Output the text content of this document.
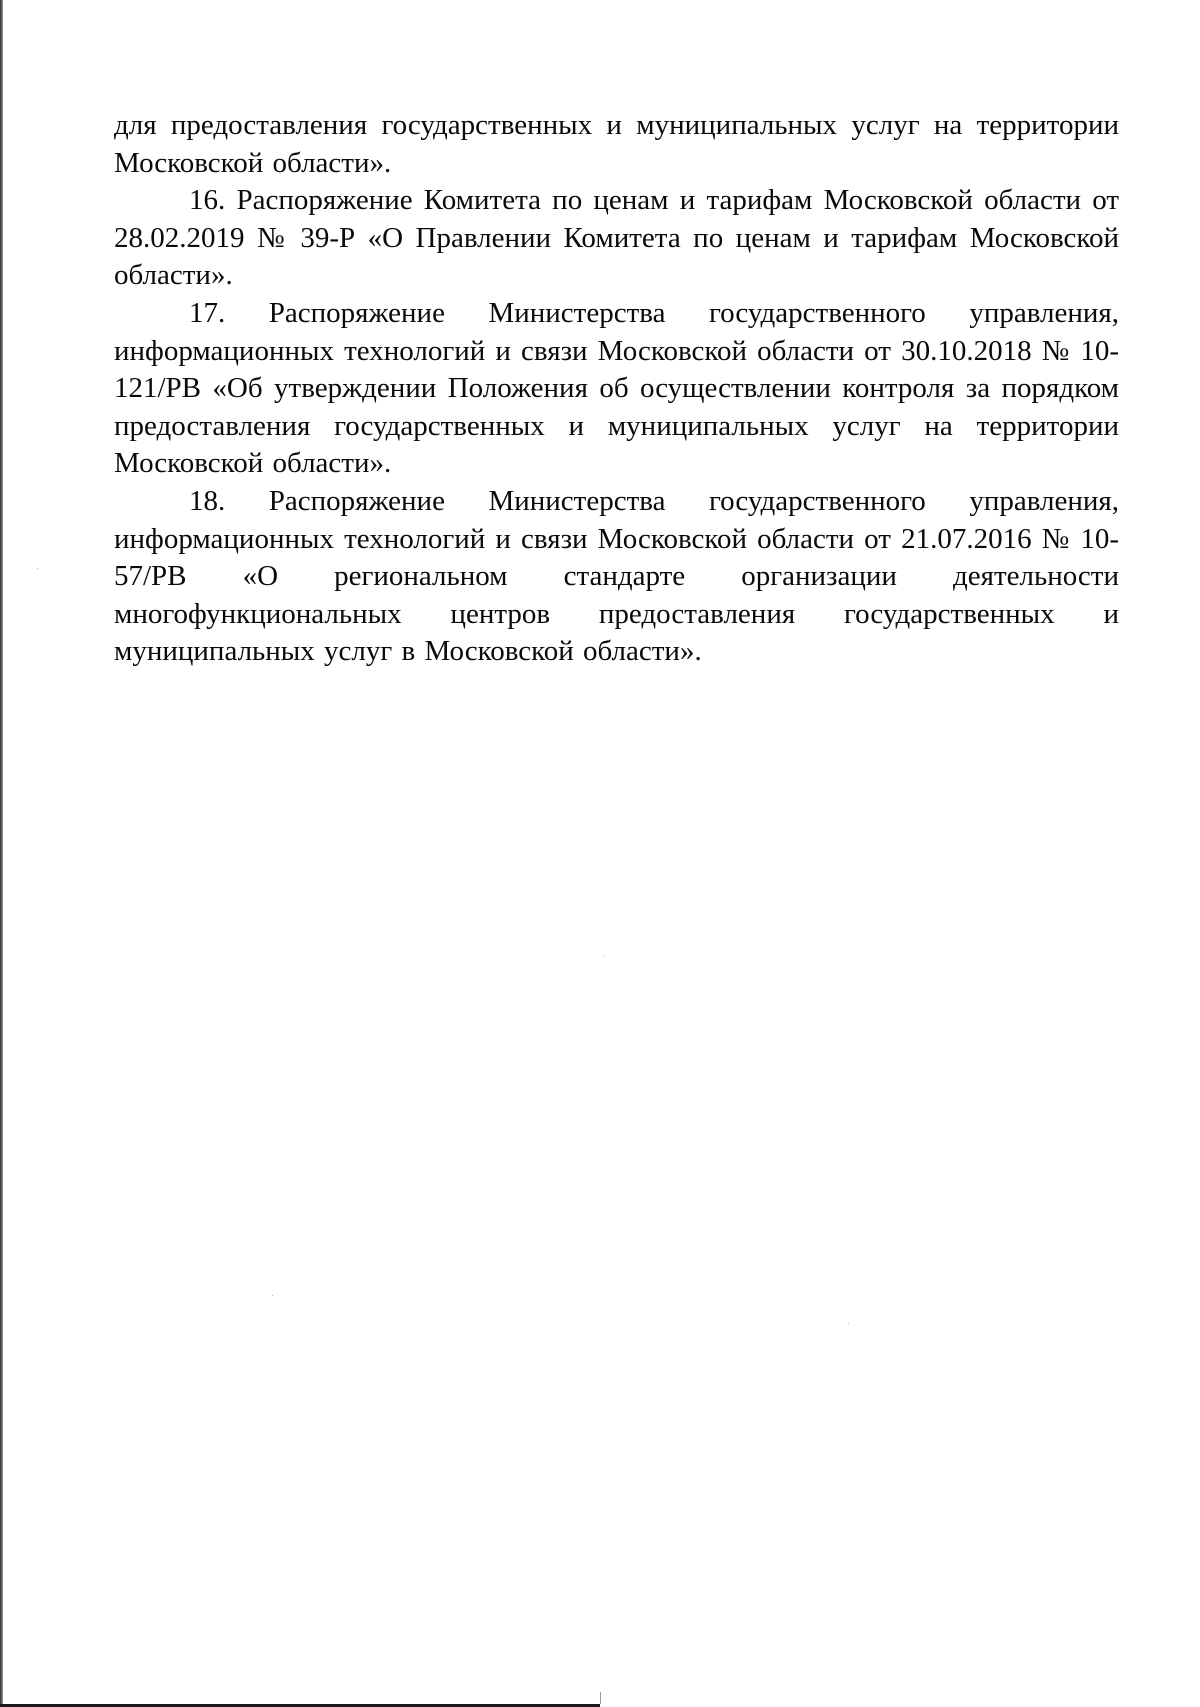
для предоставления государственных и муниципальных услуг на территории Московской области».

16. Распоряжение Комитета по ценам и тарифам Московской области от 28.02.2019 № 39-Р «О Правлении Комитета по ценам и тарифам Московской области».

17. Распоряжение Министерства государственного управления, информационных технологий и связи Московской области от 30.10.2018 № 10-121/РВ «Об утверждении Положения об осуществлении контроля за порядком предоставления государственных и муниципальных услуг на территории Московской области».

18. Распоряжение Министерства государственного управления, информационных технологий и связи Московской области от 21.07.2016 № 10-57/РВ «О региональном стандарте организации деятельности многофункциональных центров предоставления государственных и муниципальных услуг в Московской области».
